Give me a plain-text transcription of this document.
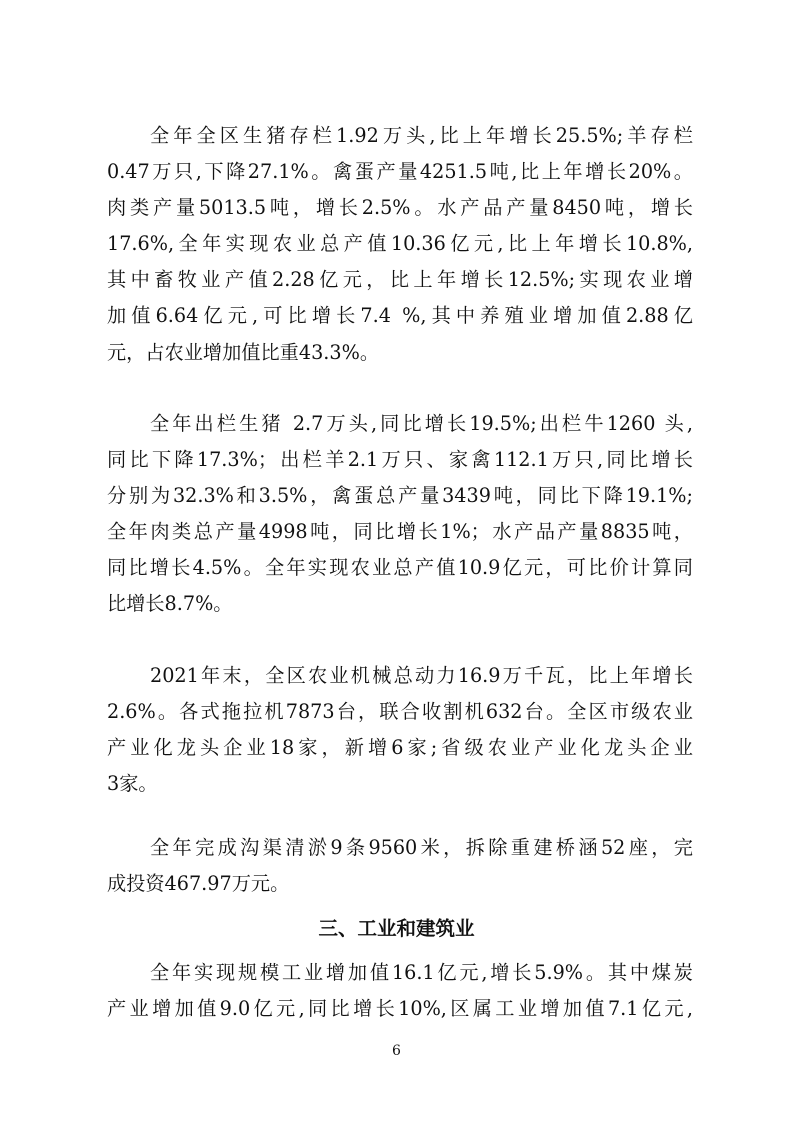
全年全区生猪存栏1.92万头,比上年增长25.5%;羊存栏
0.47万只,下降27.1%。禽蛋产量4251.5吨,比上年增长20%。
肉类产量5013.5吨，增长2.5%。水产品产量8450吨，增长
17.6%,全年实现农业总产值10.36亿元,比上年增长10.8%,
其中畜牧业产值2.28亿元，比上年增长12.5%;实现农业增
加值6.64亿元,可比增长7.4 %,其中养殖业增加值2.88亿
元，占农业增加值比重43.3%。
全年出栏生猪 2.7万头,同比增长19.5%;出栏牛1260 头,
同比下降17.3%；出栏羊2.1万只、家禽112.1万只,同比增长
分别为32.3%和3.5%，禽蛋总产量3439吨，同比下降19.1%;
全年肉类总产量4998吨，同比增长1%；水产品产量8835吨，
同比增长4.5%。全年实现农业总产值10.9亿元，可比价计算同
比增长8.7%。
2021年末，全区农业机械总动力16.9万千瓦，比上年增长
2.6%。各式拖拉机7873台，联合收割机632台。全区市级农业
产业化龙头企业18家，新增6家;省级农业产业化龙头企业
3家。
全年完成沟渠清淤9条9560米，拆除重建桥涵52座，完
成投资467.97万元。
三、工业和建筑业
全年实现规模工业增加值16.1亿元,增长5.9%。其中煤炭
产业增加值9.0亿元,同比增长10%,区属工业增加值7.1亿元,
6
